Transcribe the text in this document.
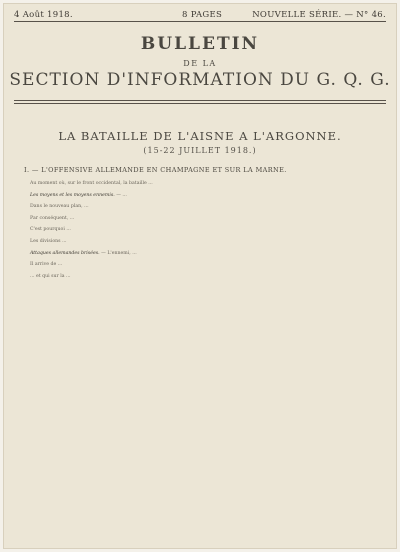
4 Août 1918.	8 PAGES	NOUVELLE SÉRIE. — N° 46.
BULLETIN
DE LA
SECTION D'INFORMATION DU G. Q. G.
LA BATAILLE DE L'AISNE A L'ARGONNE.
(15-22 JUILLET 1918.)
I. — L'OFFENSIVE ALLEMANDE EN CHAMPAGNE ET SUR LA MARNE.

Au moment où, sur le front occidental, la bataille ...

Les moyens et les moyens ennemis. — ...

Dans le nouveau plan, ...

Par conséquent, ...

C'est pourquoi ...

Les divisions ...

Attaques allemandes brisées. — L'ennemi, ...

Il arrive de ...

... et qui sur la ...
